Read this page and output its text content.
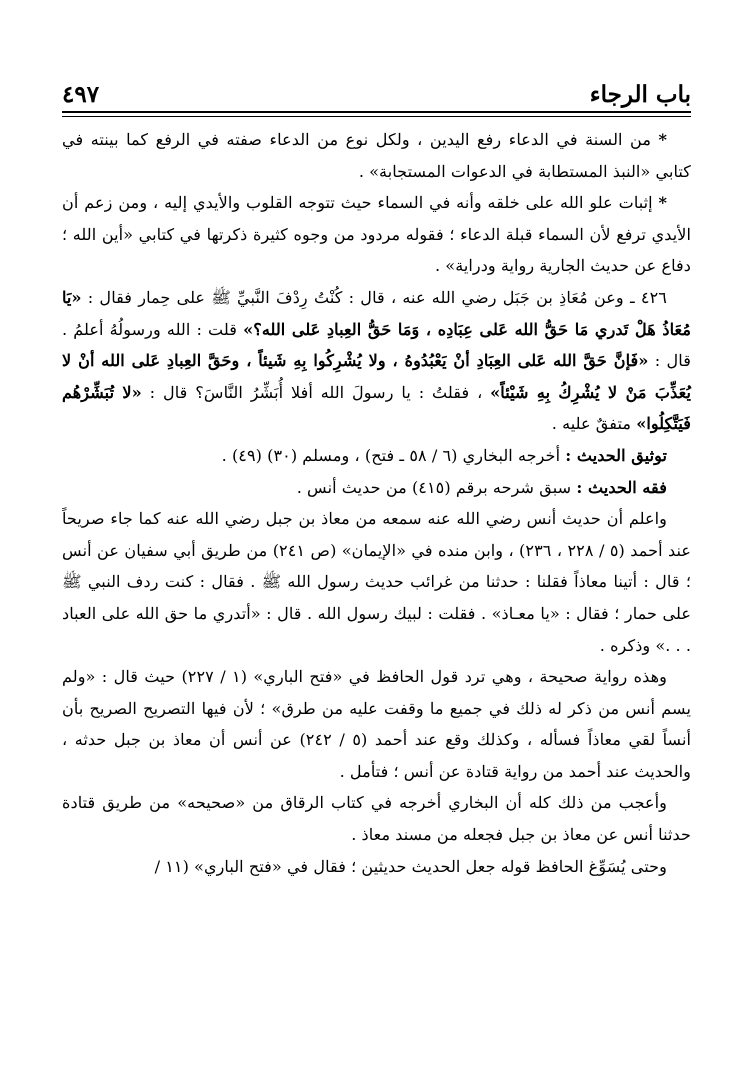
باب الرجاء
٤٩٧

* من السنة في الدعاء رفع اليدين ، ولكل نوع من الدعاء صفته في الرفع كما بينته في كتابي «النبذ المستطابة في الدعوات المستجابة» .

* إثبات علو الله على خلقه وأنه في السماء حيث تتوجه القلوب والأيدي إليه ، ومن زعم أن الأيدي ترفع لأن السماء قبلة الدعاء ؛ فقوله مردود من وجوه كثيرة ذكرتها في كتابي «أين الله ؛ دفاع عن حديث الجارية رواية ودراية» .

٤٢٦ ـ وعن مُعَاذِ بن جَبَل رضي الله عنه ، قال : كُنْتُ رِدْفَ النَّبيِّ ﷺ على حِمار فقال : «يَا مُعَاذُ هَلْ تَدري مَا حَقُّ الله عَلى عِبَادِه ، وَمَا حَقُّ العِبادِ عَلى الله؟» قلت : الله ورسولُهُ أعلمُ . قال : «فَإنَّ حَقَّ الله عَلى العِبَادِ أنْ يَعْبُدُوهُ ، ولا يُشْرِكُوا بِهِ شَيئاً ، وحَقَّ العِبادِ عَلى الله أنْ لا يُعَذِّبَ مَنْ لا يُشْرِكُ بِهِ شَيْئاً» ، فقلتُ : يا رسولَ الله أفلا أُبَشِّرُ النَّاسَ؟ قال : «لا تُبَشِّرْهُم فَيَتَّكِلُوا» متفقٌ عليه .

توثيق الحديث : أخرجه البخاري (٦ / ٥٨ ـ فتح) ، ومسلم (٣٠) (٤٩) .

فقه الحديث : سبق شرحه برقم (٤١٥) من حديث أنس .

واعلم أن حديث أنس رضي الله عنه سمعه من معاذ بن جبل رضي الله عنه كما جاء صريحاً عند أحمد (٥ / ٢٢٨ ، ٢٣٦) ، وابن منده في «الإيمان» (ص ٢٤١) من طريق أبي سفيان عن أنس ؛ قال : أتينا معاذاً فقلنا : حدثنا من غرائب حديث رسول الله ﷺ . فقال : كنت ردف النبي ﷺ على حمار ؛ فقال : «يا معـاذ» . فقلت : لبيك رسول الله . قال : «أتدري ما حق الله على العباد . . .» وذكره .

وهذه رواية صحيحة ، وهي ترد قول الحافظ في «فتح الباري» (١ / ٢٢٧) حيث قال : «ولم يسم أنس من ذكر له ذلك في جميع ما وقفت عليه من طرق» ؛ لأن فيها التصريح الصريح بأن أنساً لقي معاذاً فسأله ، وكذلك وقع عند أحمد (٥ / ٢٤٢) عن أنس أن معاذ بن جبل حدثه ، والحديث عند أحمد من رواية قتادة عن أنس ؛ فتأمل .

وأعجب من ذلك كله أن البخاري أخرجه في كتاب الرقاق من «صحيحه» من طريق قتادة حدثنا أنس عن معاذ بن جبل فجعله من مسند معاذ .

وحتى يُسَوِّغ الحافظ قوله جعل الحديث حديثين ؛ فقال في «فتح الباري» (١١ /
